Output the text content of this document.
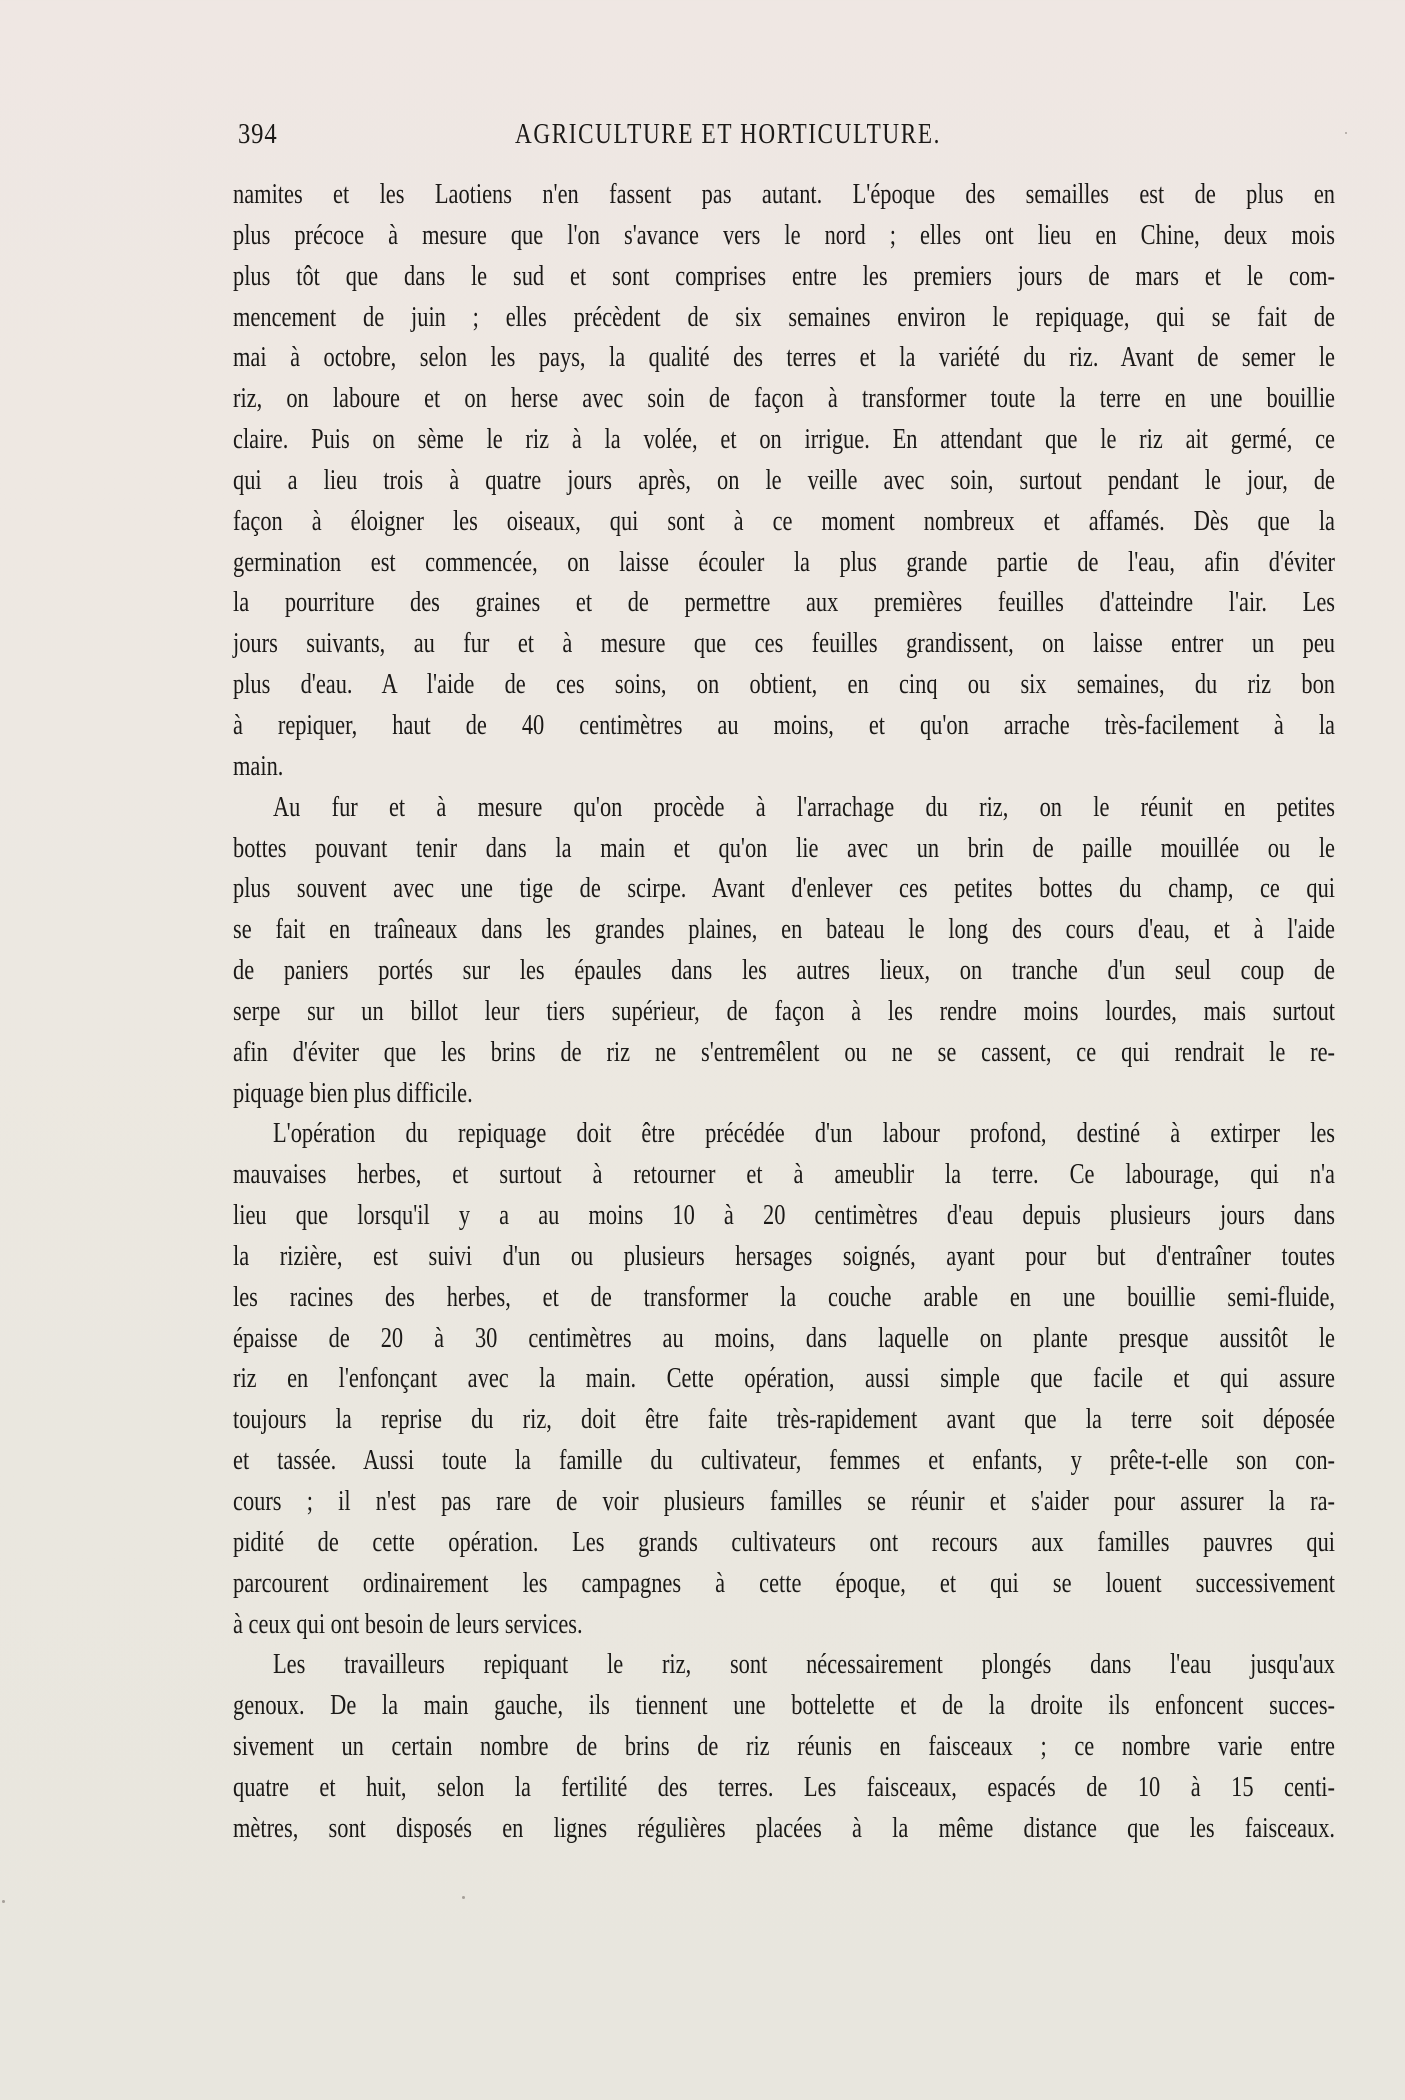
394	AGRICULTURE ET HORTICULTURE.
namites et les Laotiens n'en fassent pas autant. L'époque des semailles est de plus en
plus précoce à mesure que l'on s'avance vers le nord ; elles ont lieu en Chine, deux mois
plus tôt que dans le sud et sont comprises entre les premiers jours de mars et le com-
mencement de juin ; elles précèdent de six semaines environ le repiquage, qui se fait de
mai à octobre, selon les pays, la qualité des terres et la variété du riz. Avant de semer le
riz, on laboure et on herse avec soin de façon à transformer toute la terre en une bouillie
claire. Puis on sème le riz à la volée, et on irrigue. En attendant que le riz ait germé, ce
qui a lieu trois à quatre jours après, on le veille avec soin, surtout pendant le jour, de
façon à éloigner les oiseaux, qui sont à ce moment nombreux et affamés. Dès que la
germination est commencée, on laisse écouler la plus grande partie de l'eau, afin d'éviter
la pourriture des graines et de permettre aux premières feuilles d'atteindre l'air. Les
jours suivants, au fur et à mesure que ces feuilles grandissent, on laisse entrer un peu
plus d'eau. A l'aide de ces soins, on obtient, en cinq ou six semaines, du riz bon
à repiquer, haut de 40 centimètres au moins, et qu'on arrache très-facilement à la
main.
Au fur et à mesure qu'on procède à l'arrachage du riz, on le réunit en petites
bottes pouvant tenir dans la main et qu'on lie avec un brin de paille mouillée ou le
plus souvent avec une tige de scirpe. Avant d'enlever ces petites bottes du champ, ce qui
se fait en traîneaux dans les grandes plaines, en bateau le long des cours d'eau, et à l'aide
de paniers portés sur les épaules dans les autres lieux, on tranche d'un seul coup de
serpe sur un billot leur tiers supérieur, de façon à les rendre moins lourdes, mais surtout
afin d'éviter que les brins de riz ne s'entremêlent ou ne se cassent, ce qui rendrait le re-
piquage bien plus difficile.
L'opération du repiquage doit être précédée d'un labour profond, destiné à extirper les
mauvaises herbes, et surtout à retourner et à ameublir la terre. Ce labourage, qui n'a
lieu que lorsqu'il y a au moins 10 à 20 centimètres d'eau depuis plusieurs jours dans
la rizière, est suivi d'un ou plusieurs hersages soignés, ayant pour but d'entraîner toutes
les racines des herbes, et de transformer la couche arable en une bouillie semi-fluide,
épaisse de 20 à 30 centimètres au moins, dans laquelle on plante presque aussitôt le
riz en l'enfonçant avec la main. Cette opération, aussi simple que facile et qui assure
toujours la reprise du riz, doit être faite très-rapidement avant que la terre soit déposée
et tassée. Aussi toute la famille du cultivateur, femmes et enfants, y prête-t-elle son con-
cours ; il n'est pas rare de voir plusieurs familles se réunir et s'aider pour assurer la ra-
pidité de cette opération. Les grands cultivateurs ont recours aux familles pauvres qui
parcourent ordinairement les campagnes à cette époque, et qui se louent successivement
à ceux qui ont besoin de leurs services.
Les travailleurs repiquant le riz, sont nécessairement plongés dans l'eau jusqu'aux
genoux. De la main gauche, ils tiennent une bottelette et de la droite ils enfoncent succes-
sivement un certain nombre de brins de riz réunis en faisceaux ; ce nombre varie entre
quatre et huit, selon la fertilité des terres. Les faisceaux, espacés de 10 à 15 centi-
mètres, sont disposés en lignes régulières placées à la même distance que les faisceaux.
